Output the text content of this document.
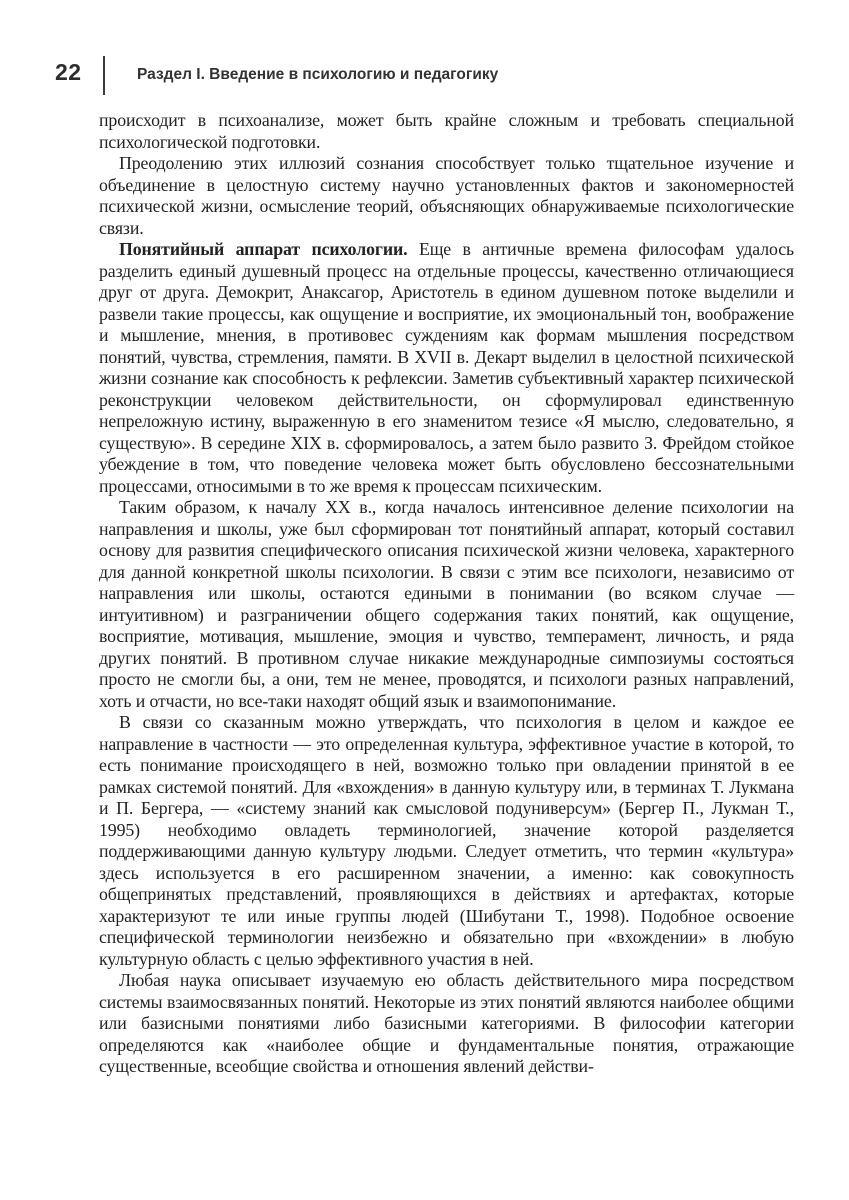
22	Раздел I. Введение в психологию и педагогику

происходит в психоанализе, может быть крайне сложным и требовать специальной психологической подготовки.

Преодолению этих иллюзий сознания способствует только тщательное изучение и объединение в целостную систему научно установленных фактов и закономерностей психической жизни, осмысление теорий, объясняющих обнаруживаемые психологические связи.

Понятийный аппарат психологии. Еще в античные времена философам удалось разделить единый душевный процесс на отдельные процессы, качественно отличающиеся друг от друга. Демокрит, Анаксагор, Аристотель в едином душевном потоке выделили и развели такие процессы, как ощущение и восприятие, их эмоциональный тон, воображение и мышление, мнения, в противовес суждениям как формам мышления посредством понятий, чувства, стремления, памяти. В XVII в. Декарт выделил в целостной психической жизни сознание как способность к рефлексии. Заметив субъективный характер психической реконструкции человеком действительности, он сформулировал единственную непреложную истину, выраженную в его знаменитом тезисе «Я мыслю, следовательно, я существую». В середине XIX в. сформировалось, а затем было развито З. Фрейдом стойкое убеждение в том, что поведение человека может быть обусловлено бессознательными процессами, относимыми в то же время к процессам психическим.

Таким образом, к началу XX в., когда началось интенсивное деление психологии на направления и школы, уже был сформирован тот понятийный аппарат, который составил основу для развития специфического описания психической жизни человека, характерного для данной конкретной школы психологии. В связи с этим все психологи, независимо от направления или школы, остаются едиными в понимании (во всяком случае — интуитивном) и разграничении общего содержания таких понятий, как ощущение, восприятие, мотивация, мышление, эмоция и чувство, темперамент, личность, и ряда других понятий. В противном случае никакие международные симпозиумы состояться просто не смогли бы, а они, тем не менее, проводятся, и психологи разных направлений, хоть и отчасти, но все-таки находят общий язык и взаимопонимание.

В связи со сказанным можно утверждать, что психология в целом и каждое ее направление в частности — это определенная культура, эффективное участие в которой, то есть понимание происходящего в ней, возможно только при овладении принятой в ее рамках системой понятий. Для «вхождения» в данную культуру или, в терминах Т. Лукмана и П. Бергера, — «систему знаний как смысловой подуниверсум» (Бергер П., Лукман Т., 1995) необходимо овладеть терминологией, значение которой разделяется поддерживающими данную культуру людьми. Следует отметить, что термин «культура» здесь используется в его расширенном значении, а именно: как совокупность общепринятых представлений, проявляющихся в действиях и артефактах, которые характеризуют те или иные группы людей (Шибутани Т., 1998). Подобное освоение специфической терминологии неизбежно и обязательно при «вхождении» в любую культурную область с целью эффективного участия в ней.

Любая наука описывает изучаемую ею область действительного мира посредством системы взаимосвязанных понятий. Некоторые из этих понятий являются наиболее общими или базисными понятиями либо базисными категориями. В философии категории определяются как «наиболее общие и фундаментальные понятия, отражающие существенные, всеобщие свойства и отношения явлений действи-
